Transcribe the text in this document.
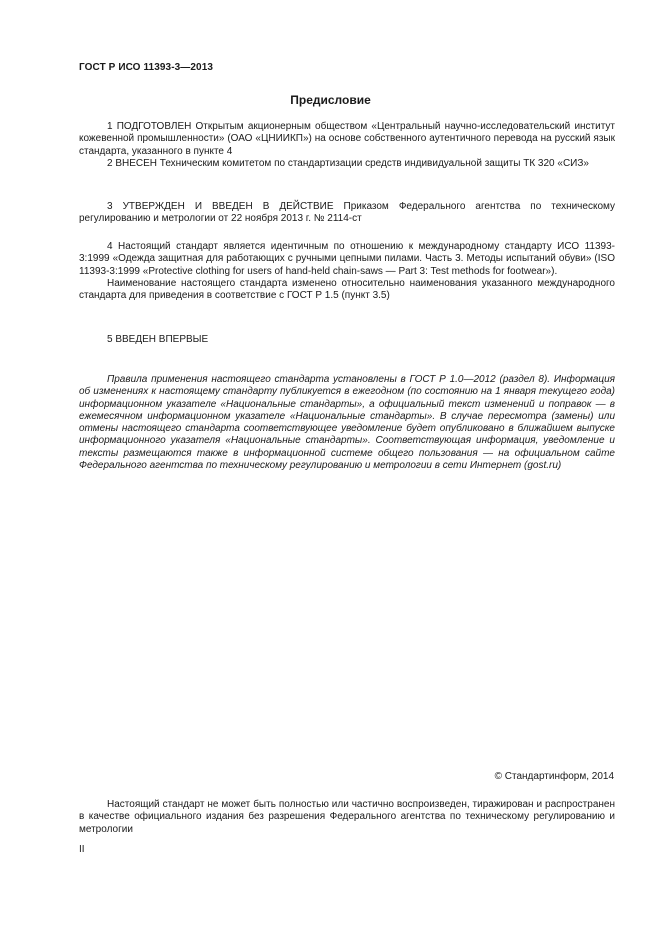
ГОСТ Р ИСО 11393-3—2013
Предисловие

1 ПОДГОТОВЛЕН Открытым акционерным обществом «Центральный научно-исследовательский институт кожевенной промышленности» (ОАО «ЦНИИКП») на основе собственного аутентичного перевода на русский язык стандарта, указанного в пункте 4

2 ВНЕСЕН Техническим комитетом по стандартизации средств индивидуальной защиты ТК 320 «СИЗ»

3 УТВЕРЖДЕН И ВВЕДЕН В ДЕЙСТВИЕ Приказом Федерального агентства по техническому регулированию и метрологии от 22 ноября 2013 г. № 2114-ст

4 Настоящий стандарт является идентичным по отношению к международному стандарту ИСО 11393-3:1999 «Одежда защитная для работающих с ручными цепными пилами. Часть 3. Методы испытаний обуви» (ISO 11393-3:1999 «Protective clothing for users of hand-held chain-saws — Part 3: Test methods for footwear»).

Наименование настоящего стандарта изменено относительно наименования указанного международного стандарта для приведения в соответствие с ГОСТ Р 1.5 (пункт 3.5)

5 ВВЕДЕН ВПЕРВЫЕ

Правила применения настоящего стандарта установлены в ГОСТ Р 1.0—2012 (раздел 8). Информация об изменениях к настоящему стандарту публикуется в ежегодном (по состоянию на 1 января текущего года) информационном указателе «Национальные стандарты», а официальный текст изменений и поправок — в ежемесячном информационном указателе «Национальные стандарты». В случае пересмотра (замены) или отмены настоящего стандарта соответствующее уведомление будет опубликовано в ближайшем выпуске информационного указателя «Национальные стандарты». Соответствующая информация, уведомление и тексты размещаются также в информационной системе общего пользования — на официальном сайте Федерального агентства по техническому регулированию и метрологии в сети Интернет (gost.ru)

© Стандартинформ, 2014

Настоящий стандарт не может быть полностью или частично воспроизведен, тиражирован и распространен в качестве официального издания без разрешения Федерального агентства по техническому регулированию и метрологии

II
